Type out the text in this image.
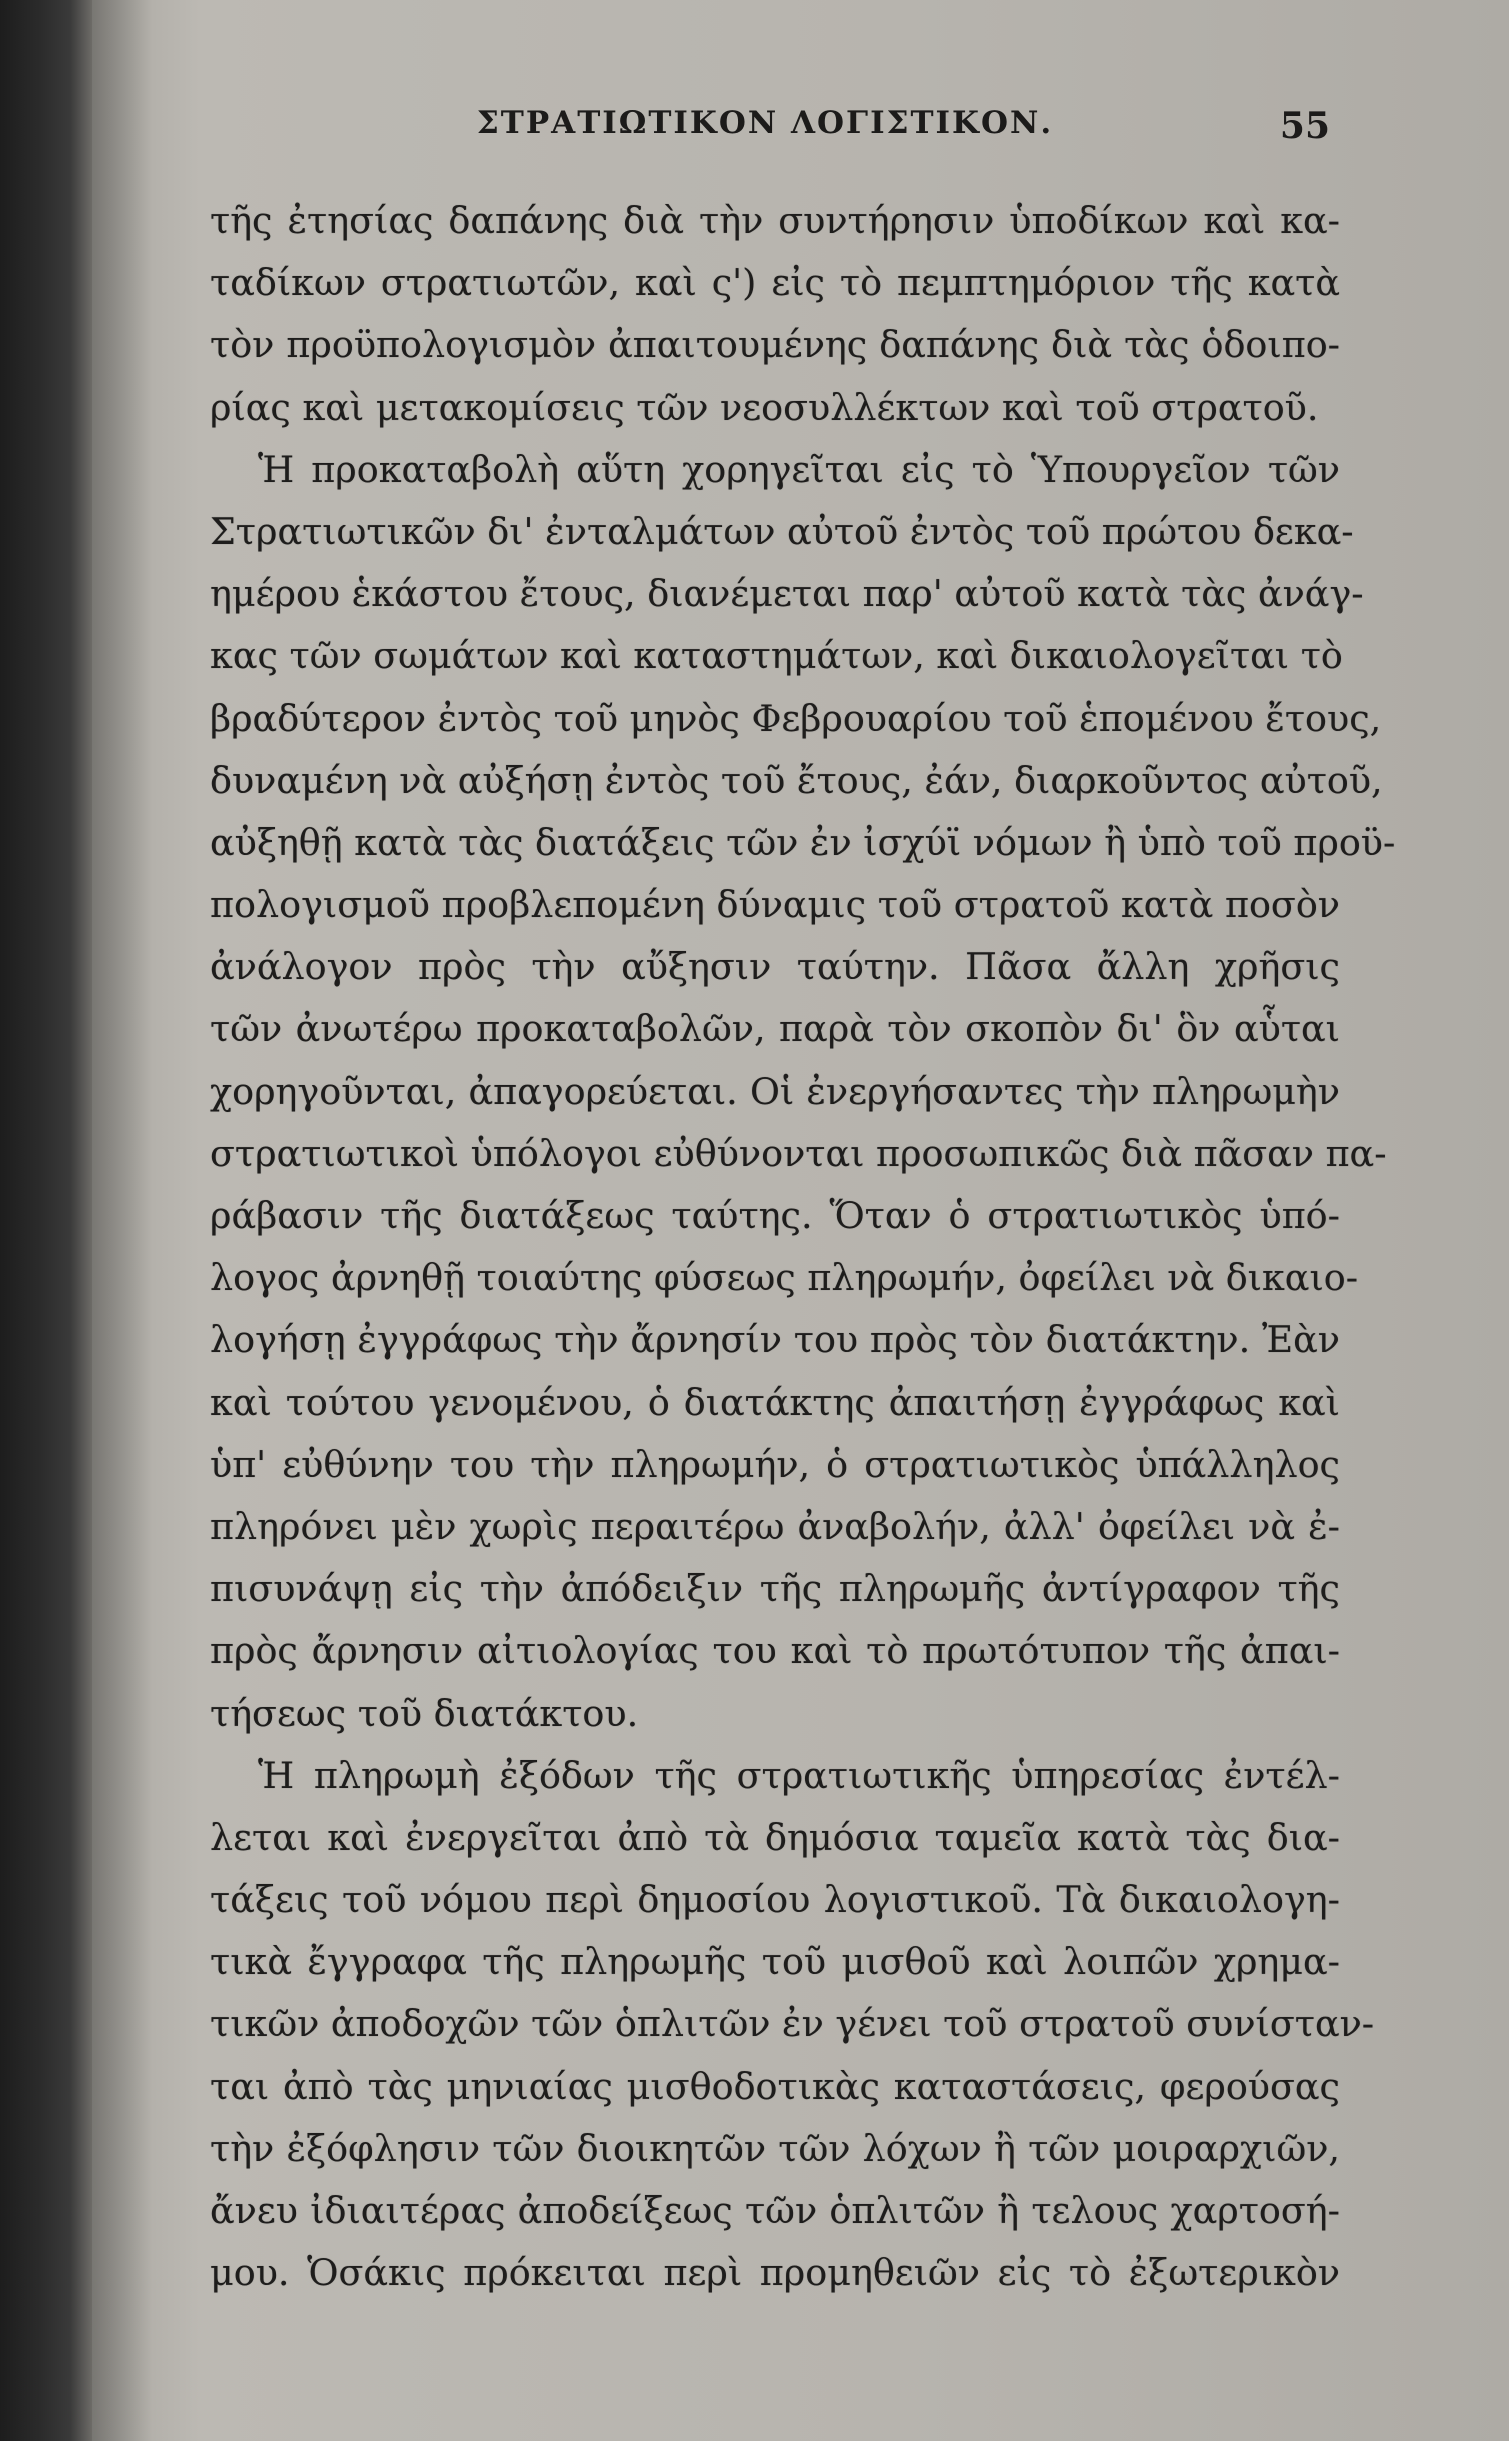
ΣΤΡΑΤΙΩΤΙΚΟΝ ΛΟΓΙΣΤΙΚΟΝ.	55
τῆς ἐτησίας δαπάνης διὰ τὴν συντήρησιν ὑποδίκων καὶ κα-
ταδίκων στρατιωτῶν, καὶ ς') εἰς τὸ πεμπτημόριον τῆς κατὰ
τὸν προϋπολογισμὸν ἀπαιτουμένης δαπάνης διὰ τὰς ὁδοιπο-
ρίας καὶ μετακομίσεις τῶν νεοσυλλέκτων καὶ τοῦ στρατοῦ.
Ἡ προκαταβολὴ αὕτη χορηγεῖται εἰς τὸ Ὑπουργεῖον τῶν
Στρατιωτικῶν δι' ἐνταλμάτων αὐτοῦ ἐντὸς τοῦ πρώτου δεκα-
ημέρου ἑκάστου ἔτους, διανέμεται παρ' αὐτοῦ κατὰ τὰς ἀνάγ-
κας τῶν σωμάτων καὶ καταστημάτων, καὶ δικαιολογεῖται τὸ
βραδύτερον ἐντὸς τοῦ μηνὸς Φεβρουαρίου τοῦ ἑπομένου ἔτους,
δυναμένη νὰ αὐξήσῃ ἐντὸς τοῦ ἔτους, ἐάν, διαρκοῦντος αὐτοῦ,
αὐξηθῇ κατὰ τὰς διατάξεις τῶν ἐν ἰσχύϊ νόμων ἢ ὑπὸ τοῦ προϋ-
πολογισμοῦ προβλεπομένη δύναμις τοῦ στρατοῦ κατὰ ποσὸν
ἀνάλογον πρὸς τὴν αὔξησιν ταύτην. Πᾶσα ἄλλη χρῆσις
τῶν ἀνωτέρω προκαταβολῶν, παρὰ τὸν σκοπὸν δι' ὃν αὗται
χορηγοῦνται, ἀπαγορεύεται. Οἱ ἐνεργήσαντες τὴν πληρωμὴν
στρατιωτικοὶ ὑπόλογοι εὐθύνονται προσωπικῶς διὰ πᾶσαν πα-
ράβασιν τῆς διατάξεως ταύτης. Ὅταν ὁ στρατιωτικὸς ὑπό-
λογος ἀρνηθῇ τοιαύτης φύσεως πληρωμήν, ὀφείλει νὰ δικαιο-
λογήσῃ ἐγγράφως τὴν ἄρνησίν του πρὸς τὸν διατάκτην. Ἐὰν
καὶ τούτου γενομένου, ὁ διατάκτης ἀπαιτήσῃ ἐγγράφως καὶ
ὑπ' εὐθύνην του τὴν πληρωμήν, ὁ στρατιωτικὸς ὑπάλληλος
πληρόνει μὲν χωρὶς περαιτέρω ἀναβολήν, ἀλλ' ὀφείλει νὰ ἐ-
πισυνάψῃ εἰς τὴν ἀπόδειξιν τῆς πληρωμῆς ἀντίγραφον τῆς
πρὸς ἄρνησιν αἰτιολογίας του καὶ τὸ πρωτότυπον τῆς ἀπαι-
τήσεως τοῦ διατάκτου.
Ἡ πληρωμὴ ἐξόδων τῆς στρατιωτικῆς ὑπηρεσίας ἐντέλ-
λεται καὶ ἐνεργεῖται ἀπὸ τὰ δημόσια ταμεῖα κατὰ τὰς δια-
τάξεις τοῦ νόμου περὶ δημοσίου λογιστικοῦ. Τὰ δικαιολογη-
τικὰ ἔγγραφα τῆς πληρωμῆς τοῦ μισθοῦ καὶ λοιπῶν χρημα-
τικῶν ἀποδοχῶν τῶν ὁπλιτῶν ἐν γένει τοῦ στρατοῦ συνίσταν-
ται ἀπὸ τὰς μηνιαίας μισθοδοτικὰς καταστάσεις, φερούσας
τὴν ἐξόφλησιν τῶν διοικητῶν τῶν λόχων ἢ τῶν μοιραρχιῶν,
ἄνευ ἰδιαιτέρας ἀποδείξεως τῶν ὁπλιτῶν ἢ τελους χαρτοσή-
μου. Ὁσάκις πρόκειται περὶ προμηθειῶν εἰς τὸ ἐξωτερικὸν
